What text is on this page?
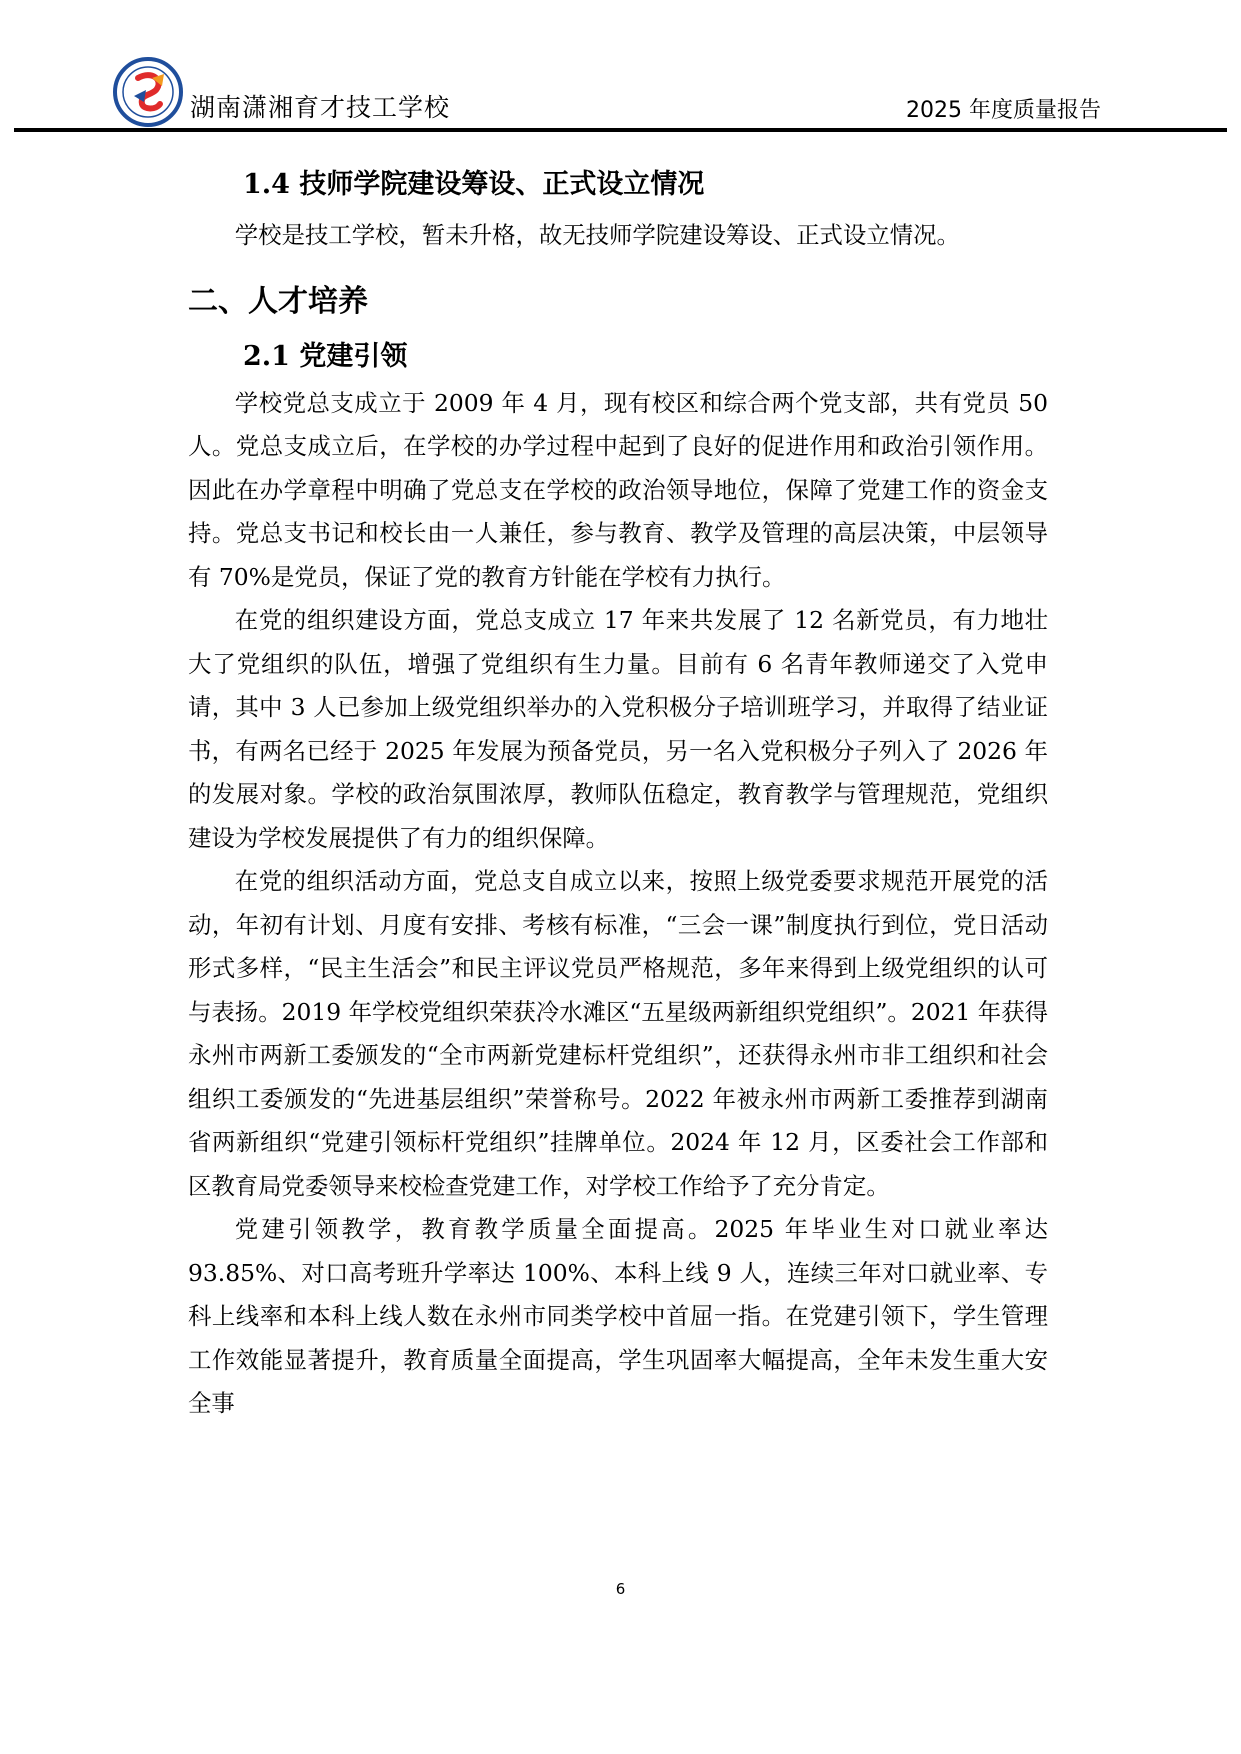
湖南潇湘育才技工学校	2025 年度质量报告
1.4 技师学院建设筹设、正式设立情况

学校是技工学校，暂未升格，故无技师学院建设筹设、正式设立情况。

二、人才培养
2.1 党建引领

学校党总支成立于 2009 年 4 月，现有校区和综合两个党支部，共有党员 50 人。党总支成立后，在学校的办学过程中起到了良好的促进作用和政治引领作用。因此在办学章程中明确了党总支在学校的政治领导地位，保障了党建工作的资金支持。党总支书记和校长由一人兼任，参与教育、教学及管理的高层决策，中层领导有 70%是党员，保证了党的教育方针能在学校有力执行。

在党的组织建设方面，党总支成立 17 年来共发展了 12 名新党员，有力地壮大了党组织的队伍，增强了党组织有生力量。目前有 6 名青年教师递交了入党申请，其中 3 人已参加上级党组织举办的入党积极分子培训班学习，并取得了结业证书，有两名已经于 2025 年发展为预备党员，另一名入党积极分子列入了 2026 年的发展对象。学校的政治氛围浓厚，教师队伍稳定，教育教学与管理规范，党组织建设为学校发展提供了有力的组织保障。

在党的组织活动方面，党总支自成立以来，按照上级党委要求规范开展党的活动，年初有计划、月度有安排、考核有标准，“三会一课”制度执行到位，党日活动形式多样，“民主生活会”和民主评议党员严格规范，多年来得到上级党组织的认可与表扬。2019 年学校党组织荣获冷水滩区“五星级两新组织党组织”。2021 年获得永州市两新工委颁发的“全市两新党建标杆党组织”，还获得永州市非工组织和社会组织工委颁发的“先进基层组织”荣誉称号。2022 年被永州市两新工委推荐到湖南省两新组织“党建引领标杆党组织”挂牌单位。2024 年 12 月，区委社会工作部和区教育局党委领导来校检查党建工作，对学校工作给予了充分肯定。

党建引领教学，教育教学质量全面提高。2025 年毕业生对口就业率达 93.85%、对口高考班升学率达 100%、本科上线 9 人，连续三年对口就业率、专科上线率和本科上线人数在永州市同类学校中首屈一指。在党建引领下，学生管理工作效能显著提升，教育质量全面提高，学生巩固率大幅提高，全年未发生重大安全事

6
